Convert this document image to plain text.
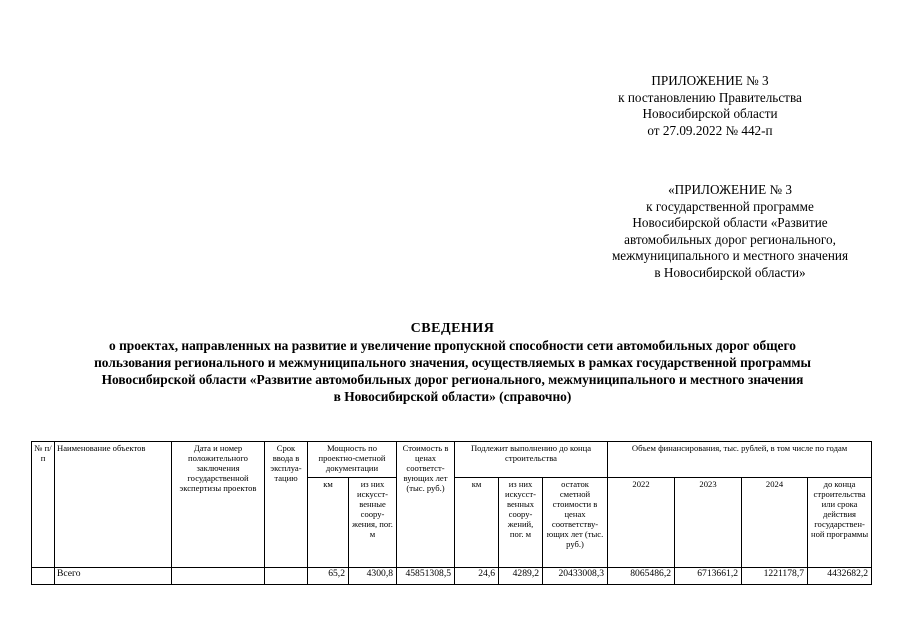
ПРИЛОЖЕНИЕ № 3
к постановлению Правительства
Новосибирской области
от 27.09.2022 № 442-п
«ПРИЛОЖЕНИЕ № 3
к государственной программе
Новосибирской области «Развитие
автомобильных дорог регионального,
межмуниципального и местного значения
в Новосибирской области»
СВЕДЕНИЯ
о проектах, направленных на развитие и увеличение пропускной способности сети автомобильных дорог общего
пользования регионального и межмуниципального значения, осуществляемых в рамках государственной программы
Новосибирской области «Развитие автомобильных дорог регионального, межмуниципального и местного значения
в Новосибирской области» (справочно)
№ п/п	Наименование объектов	Дата и номер положительного заключения государственной экспертизы проектов	Срок ввода в эксплуа-тацию	Мощность по проектно-сметной документации		Стоимость в ценах соответст-вующих лет (тыс. руб.)	Подлежит выполнению до конца строительства			Объем финансирования, тыс. рублей, в том числе по годам			
				км	из них искусст-венные соору-жения, пог. м		км	из них искусст-венных соору-жений, пог. м	остаток сметной стоимости в ценах соответству-ющих лет (тыс. руб.)	2022	2023	2024	до конца строительства или срока действия государствен-ной программы
	Всего			65,2	4300,8	45851308,5	24,6	4289,2	20433008,3	8065486,2	6713661,2	1221178,7	4432682,2
